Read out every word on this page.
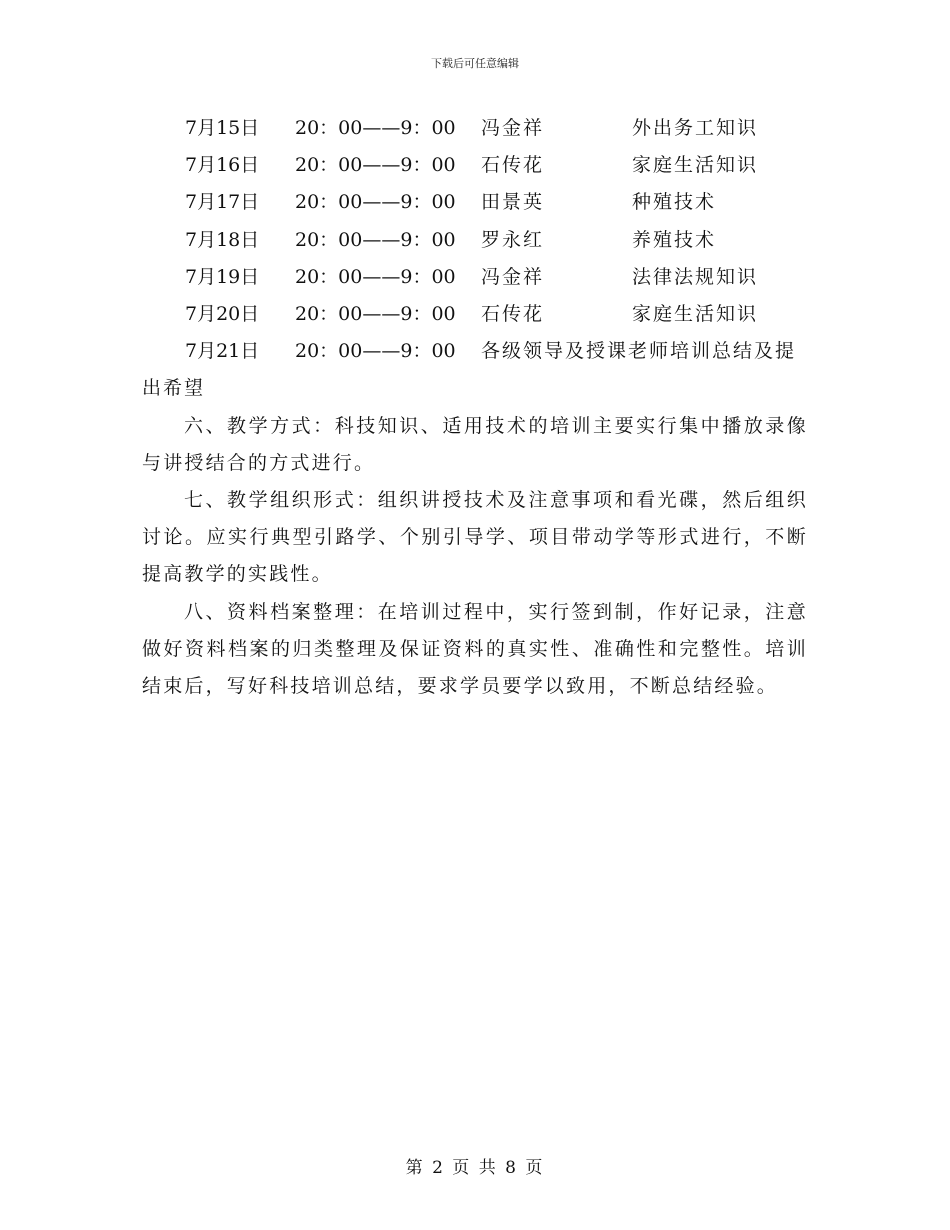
下载后可任意编辑
7月15日 20：00——9：00 冯金祥	外出务工知识
7月16日 20：00——9：00 石传花	家庭生活知识
7月17日 20：00——9：00 田景英	种殖技术
7月18日 20：00——9：00 罗永红	养殖技术
7月19日 20：00——9：00 冯金祥	法律法规知识
7月20日 20：00——9：00 石传花	家庭生活知识
7月21日 20：00——9：00 各级领导及授课老师培训总结及提
出希望

六、教学方式：科技知识、适用技术的培训主要实行集中播放录像与讲授结合的方式进行。

七、教学组织形式：组织讲授技术及注意事项和看光碟，然后组织讨论。应实行典型引路学、个别引导学、项目带动学等形式进行，不断提高教学的实践性。

八、资料档案整理：在培训过程中，实行签到制，作好记录，注意做好资料档案的归类整理及保证资料的真实性、准确性和完整性。培训结束后，写好科技培训总结，要求学员要学以致用，不断总结经验。

第 2 页 共 8 页
